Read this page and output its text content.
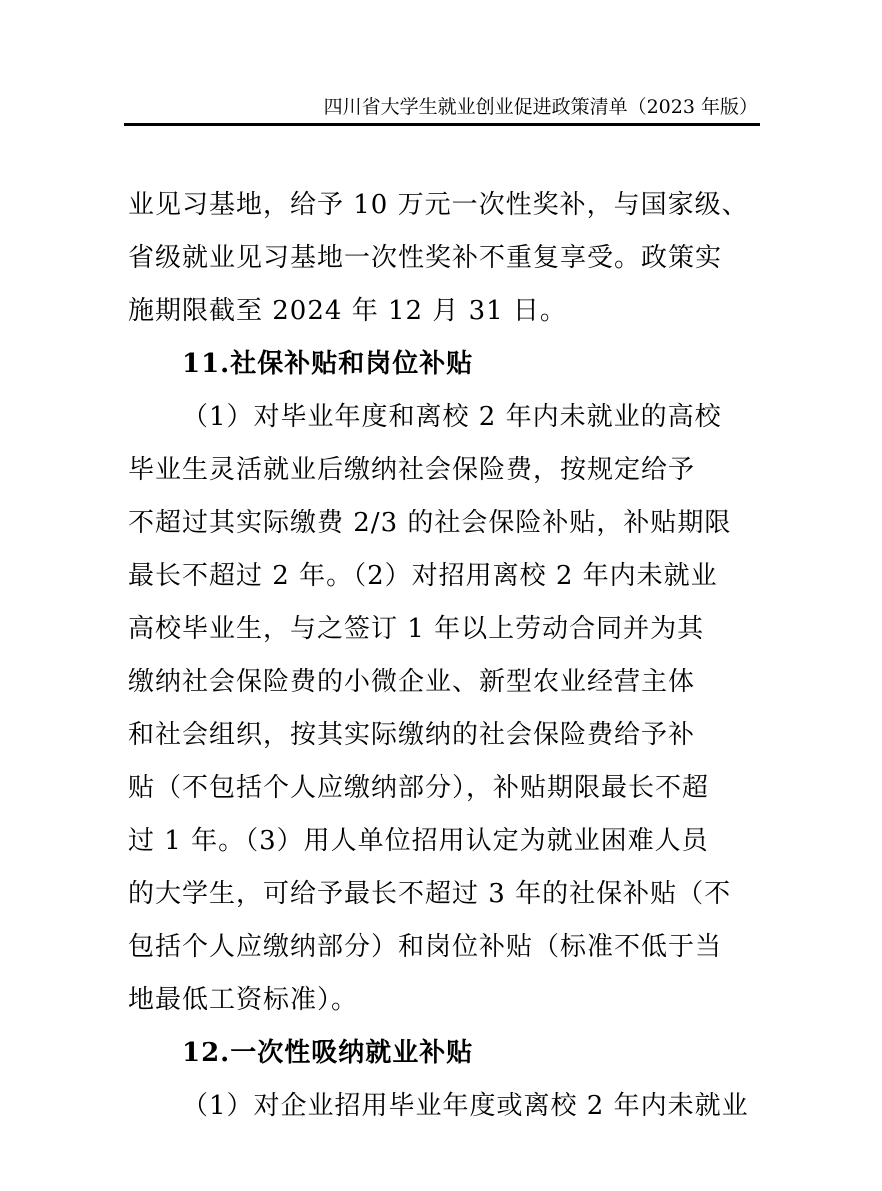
四川省大学生就业创业促进政策清单（2023 年版）
业见习基地，给予 10 万元一次性奖补，与国家级、
省级就业见习基地一次性奖补不重复享受。政策实
施期限截至 2024 年 12 月 31 日。
11.社保补贴和岗位补贴
（1）对毕业年度和离校 2 年内未就业的高校
毕业生灵活就业后缴纳社会保险费，按规定给予
不超过其实际缴费 2/3 的社会保险补贴，补贴期限
最长不超过 2 年。（2）对招用离校 2 年内未就业
高校毕业生，与之签订 1 年以上劳动合同并为其
缴纳社会保险费的小微企业、新型农业经营主体
和社会组织，按其实际缴纳的社会保险费给予补
贴（不包括个人应缴纳部分），补贴期限最长不超
过 1 年。（3）用人单位招用认定为就业困难人员
的大学生，可给予最长不超过 3 年的社保补贴（不
包括个人应缴纳部分）和岗位补贴（标准不低于当
地最低工资标准）。
12.一次性吸纳就业补贴
（1）对企业招用毕业年度或离校 2 年内未就业
